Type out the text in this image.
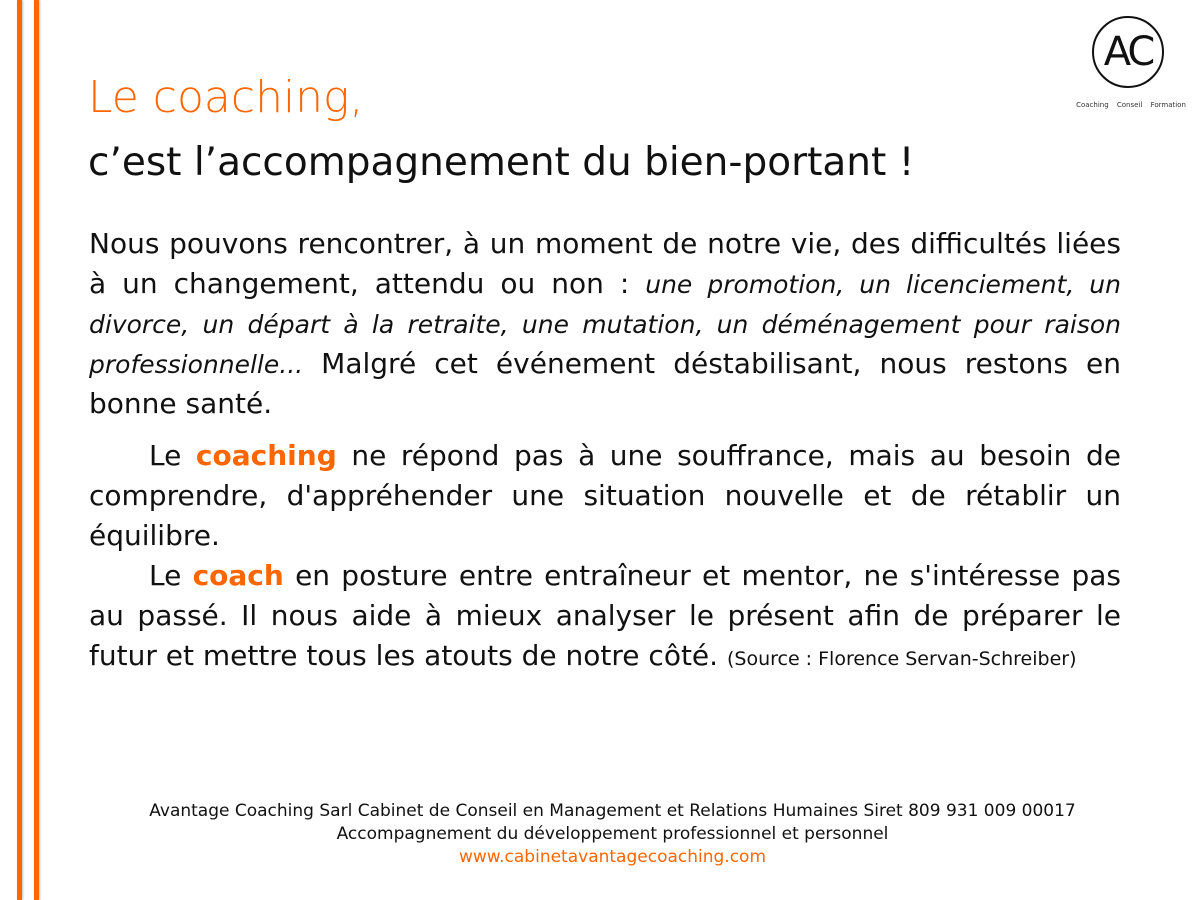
AC
Coaching Conseil Formation
Le coaching,
c’est l’accompagnement du bien-portant !

Nous pouvons rencontrer, à un moment de notre vie, des difficultés liées à un changement, attendu ou non : une promotion, un licenciement, un divorce, un départ à la retraite, une mutation, un déménagement pour raison professionnelle... Malgré cet événement déstabilisant, nous restons en bonne santé.

Le coaching ne répond pas à une souffrance, mais au besoin de comprendre, d'appréhender une situation nouvelle et de rétablir un équilibre.

Le coach en posture entre entraîneur et mentor, ne s'intéresse pas au passé. Il nous aide à mieux analyser le présent afin de préparer le futur et mettre tous les atouts de notre côté. (Source : Florence Servan-Schreiber)

Avantage Coaching Sarl Cabinet de Conseil en Management et Relations Humaines Siret 809 931 009 00017
Accompagnement du développement professionnel et personnel
www.cabinetavantagecoaching.com
